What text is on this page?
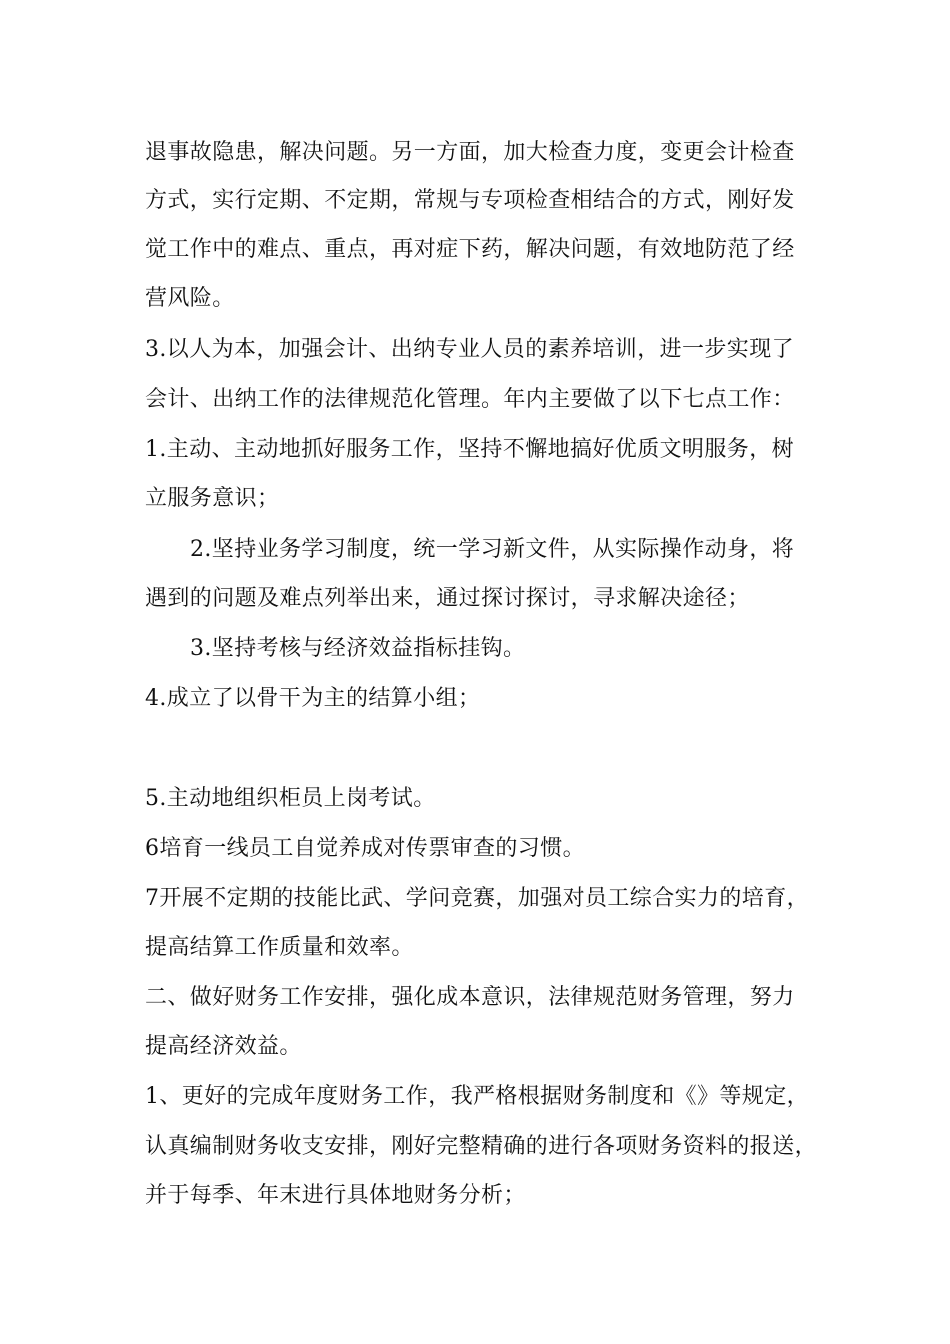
退事故隐患，解决问题。另一方面，加大检查力度，变更会计检查
方式，实行定期、不定期，常规与专项检查相结合的方式，刚好发
觉工作中的难点、重点，再对症下药，解决问题，有效地防范了经
营风险。
3.以人为本，加强会计、出纳专业人员的素养培训，进一步实现了
会计、出纳工作的法律规范化管理。年内主要做了以下七点工作：
1.主动、主动地抓好服务工作，坚持不懈地搞好优质文明服务，树
立服务意识；
2.坚持业务学习制度，统一学习新文件，从实际操作动身，将
遇到的问题及难点列举出来，通过探讨探讨，寻求解决途径；
3.坚持考核与经济效益指标挂钩。
4.成立了以骨干为主的结算小组；
5.主动地组织柜员上岗考试。
6培育一线员工自觉养成对传票审查的习惯。
7开展不定期的技能比武、学问竞赛，加强对员工综合实力的培育，
提高结算工作质量和效率。
二、做好财务工作安排，强化成本意识，法律规范财务管理，努力
提高经济效益。
1、更好的完成年度财务工作，我严格根据财务制度和《》等规定，
认真编制财务收支安排，刚好完整精确的进行各项财务资料的报送，
并于每季、年末进行具体地财务分析；
